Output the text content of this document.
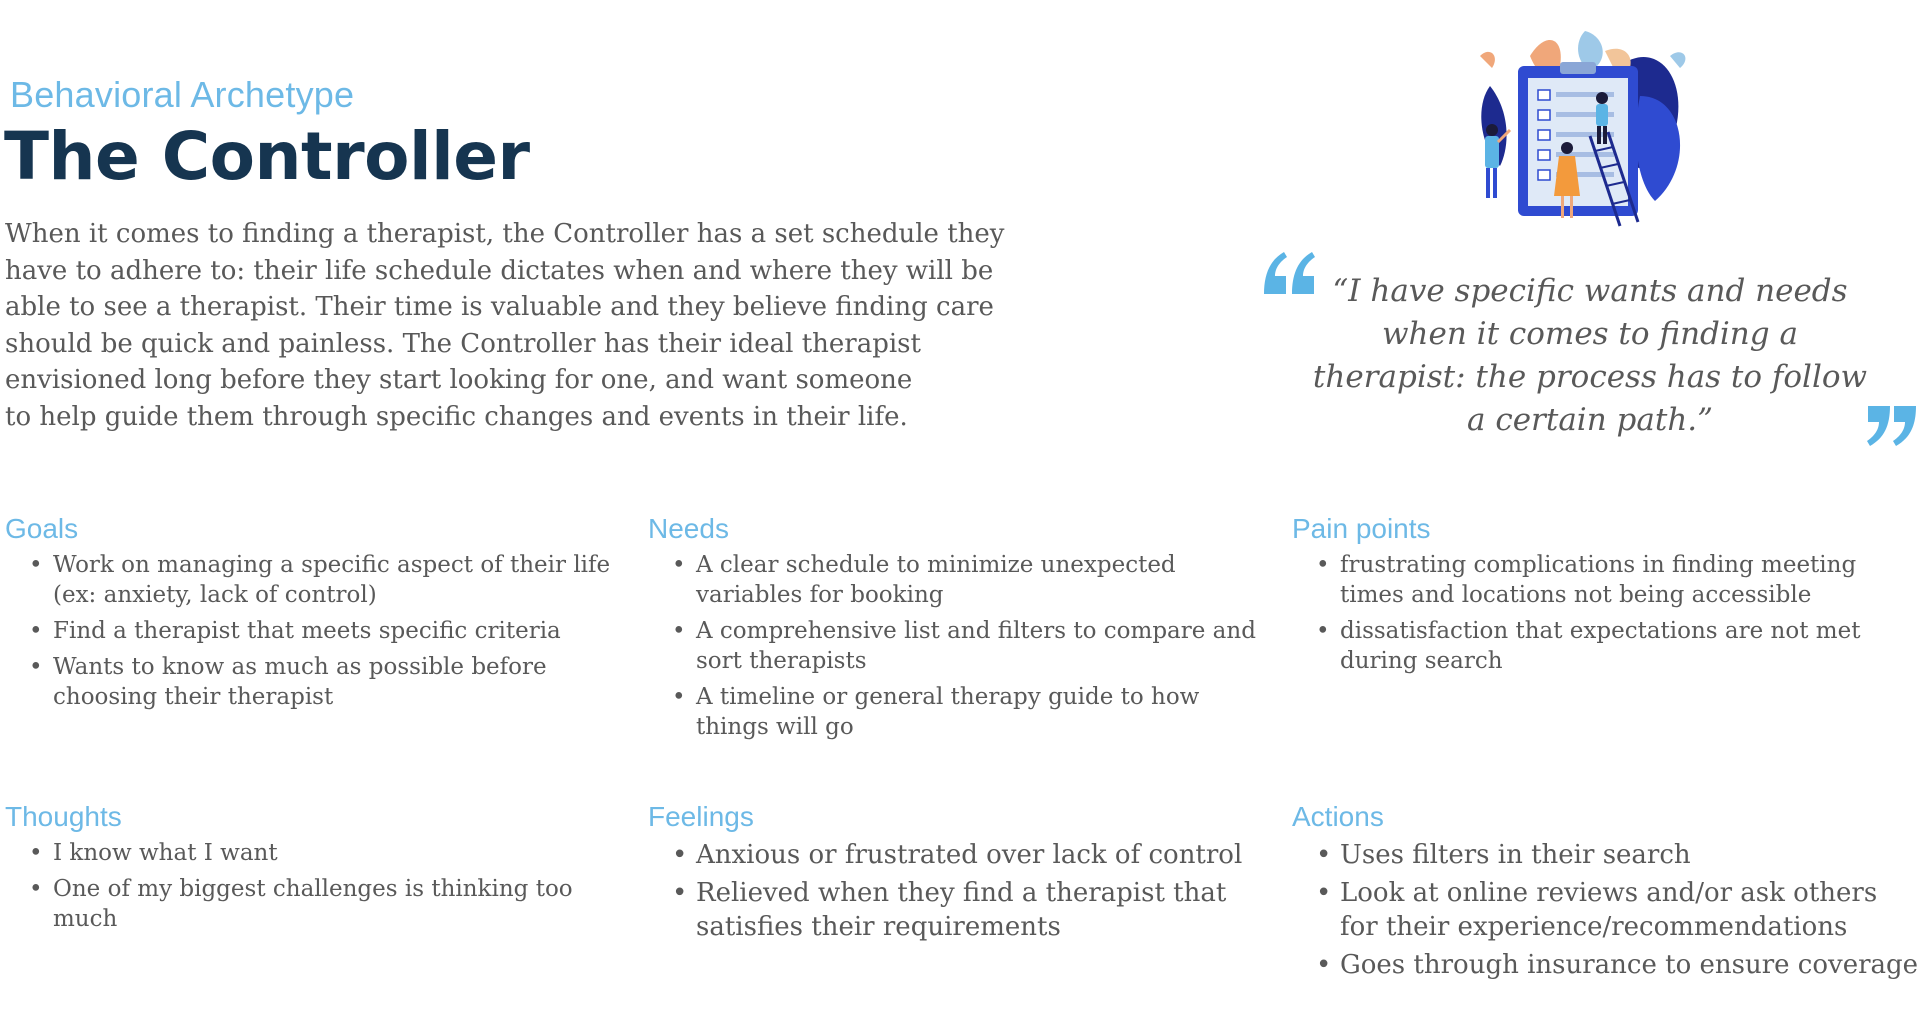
Behavioral Archetype
The Controller

When it comes to finding a therapist, the Controller has a set schedule they
have to adhere to: their life schedule dictates when and where they will be
able to see a therapist. Their time is valuable and they believe finding care
should be quick and painless. The Controller has their ideal therapist
envisioned long before they start looking for one, and want someone
to help guide them through specific changes and events in their life.

“I have specific wants and needs
when it comes to finding a
therapist: the process has to follow
a certain path.”
Goals
• Work on managing a specific aspect of their life
(ex: anxiety, lack of control)
• Find a therapist that meets specific criteria
• Wants to know as much as possible before
choosing their therapist
Needs
• A clear schedule to minimize unexpected
variables for booking
• A comprehensive list and filters to compare and
sort therapists
• A timeline or general therapy guide to how
things will go
Pain points
• frustrating complications in finding meeting
times and locations not being accessible
• dissatisfaction that expectations are not met
during search
Thoughts
• I know what I want
• One of my biggest challenges is thinking too
much
Feelings
• Anxious or frustrated over lack of control
• Relieved when they find a therapist that
satisfies their requirements
Actions
• Uses filters in their search
• Look at online reviews and/or ask others
for their experience/recommendations
• Goes through insurance to ensure coverage
